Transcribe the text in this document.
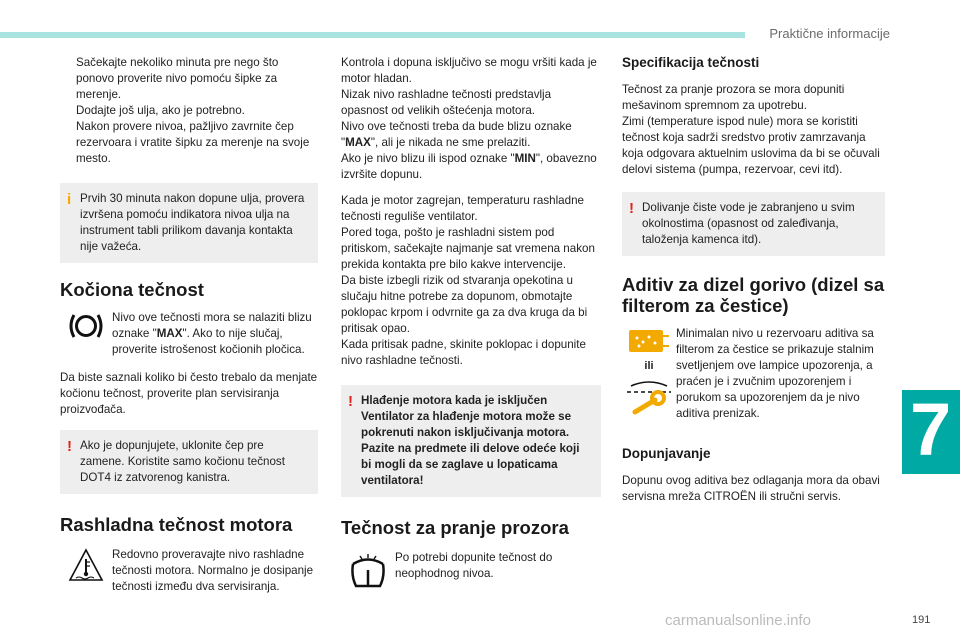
Praktične informacije
7
carmanualsonline.info	191
Sačekajte nekoliko minuta pre nego što ponovo proverite nivo pomoću šipke za merenje.
Dodajte još ulja, ako je potrebno.
Nakon provere nivoa, pažljivo zavrnite čep rezervoara i vratite šipku za merenje na svoje mesto.
i Prvih 30 minuta nakon dopune ulja, provera izvršena pomoću indikatora nivoa ulja na instrument tabli prilikom davanja kontakta nije važeća.
Kočiona tečnost
Nivo ove tečnosti mora se nalaziti blizu oznake "MAX". Ako to nije slučaj, proverite istrošenost kočionih pločica.

Da biste saznali koliko bi često trebalo da menjate kočionu tečnost, proverite plan servisiranja proizvođača.

! Ako je dopunjujete, uklonite čep pre zamene. Koristite samo kočionu tečnost DOT4 iz zatvorenog kanistra.
Rashladna tečnost motora
Redovno proveravajte nivo rashladne tečnosti motora. Normalno je dosipanje tečnosti između dva servisiranja.

Kontrola i dopuna isključivo se mogu vršiti kada je motor hladan.
Nizak nivo rashladne tečnosti predstavlja opasnost od velikih oštećenja motora.
Nivo ove tečnosti treba da bude blizu oznake "MAX", ali je nikada ne sme prelaziti.
Ako je nivo blizu ili ispod oznake "MIN", obavezno izvršite dopunu.

Kada je motor zagrejan, temperaturu rashladne tečnosti reguliše ventilator.
Pored toga, pošto je rashladni sistem pod pritiskom, sačekajte najmanje sat vremena nakon prekida kontakta pre bilo kakve intervencije.
Da biste izbegli rizik od stvaranja opekotina u slučaju hitne potrebe za dopunom, obmotajte poklopac krpom i odvrnite ga za dva kruga da bi pritisak opao.
Kada pritisak padne, skinite poklopac i dopunite nivo rashladne tečnosti.

! Hlađenje motora kada je isključen Ventilator za hlađenje motora može se pokrenuti nakon isključivanja motora. Pazite na predmete ili delove odeće koji bi mogli da se zaglave u lopaticama ventilatora!
Tečnost za pranje prozora
Po potrebi dopunite tečnost do neophodnog nivoa.
Specifikacija tečnosti

Tečnost za pranje prozora se mora dopuniti mešavinom spremnom za upotrebu.
Zimi (temperature ispod nule) mora se koristiti tečnost koja sadrži sredstvo protiv zamrzavanja koja odgovara aktuelnim uslovima da bi se očuvali delovi sistema (pumpa, rezervoar, cevi itd).

! Dolivanje čiste vode je zabranjeno u svim okolnostima (opasnost od zaleđivanja, taloženja kamenca itd).
Aditiv za dizel gorivo (dizel sa filterom za čestice)
ili
Minimalan nivo u rezervoaru aditiva sa filterom za čestice se prikazuje stalnim svetljenjem ove lampice upozorenja, a praćen je i zvučnim upozorenjem i porukom sa upozorenjem da je nivo aditiva prenizak.
Dopunjavanje

Dopunu ovog aditiva bez odlaganja mora da obavi servisna mreža CITROËN ili stručni servis.
